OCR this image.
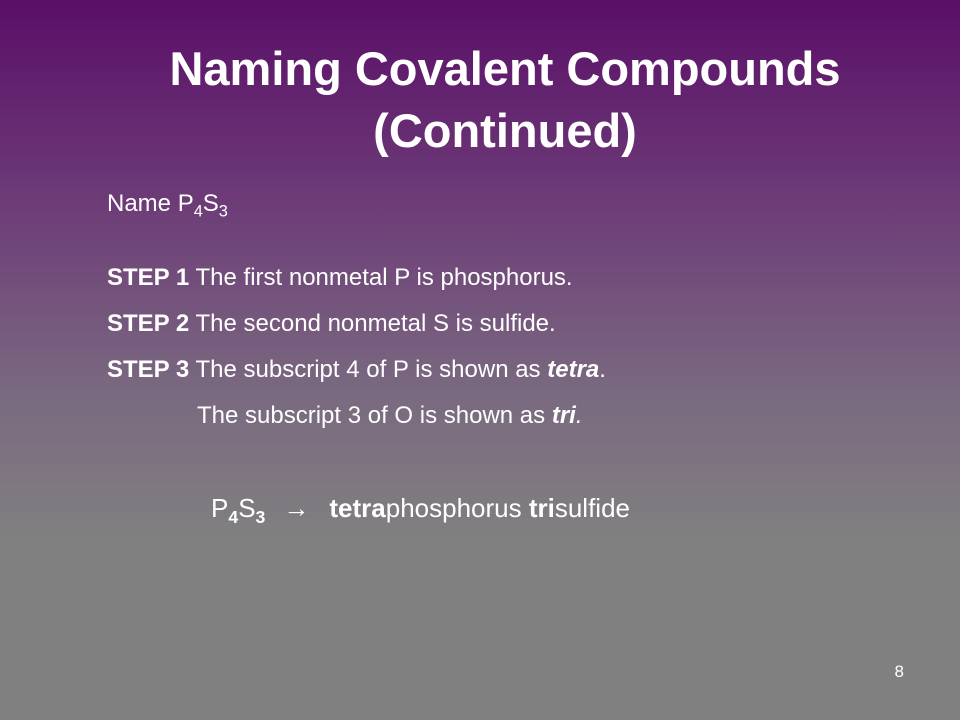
Naming Covalent Compounds
(Continued)
Name $P_4S_3$
STEP 1 The first nonmetal P is phosphorus.
STEP 2 The second nonmetal S is sulfide.
STEP 3 The subscript 4 of P is shown as tetra.
The subscript 3 of O is shown as tri.
$P_4S_3$ → tetraphosphorus trisulfide
8
